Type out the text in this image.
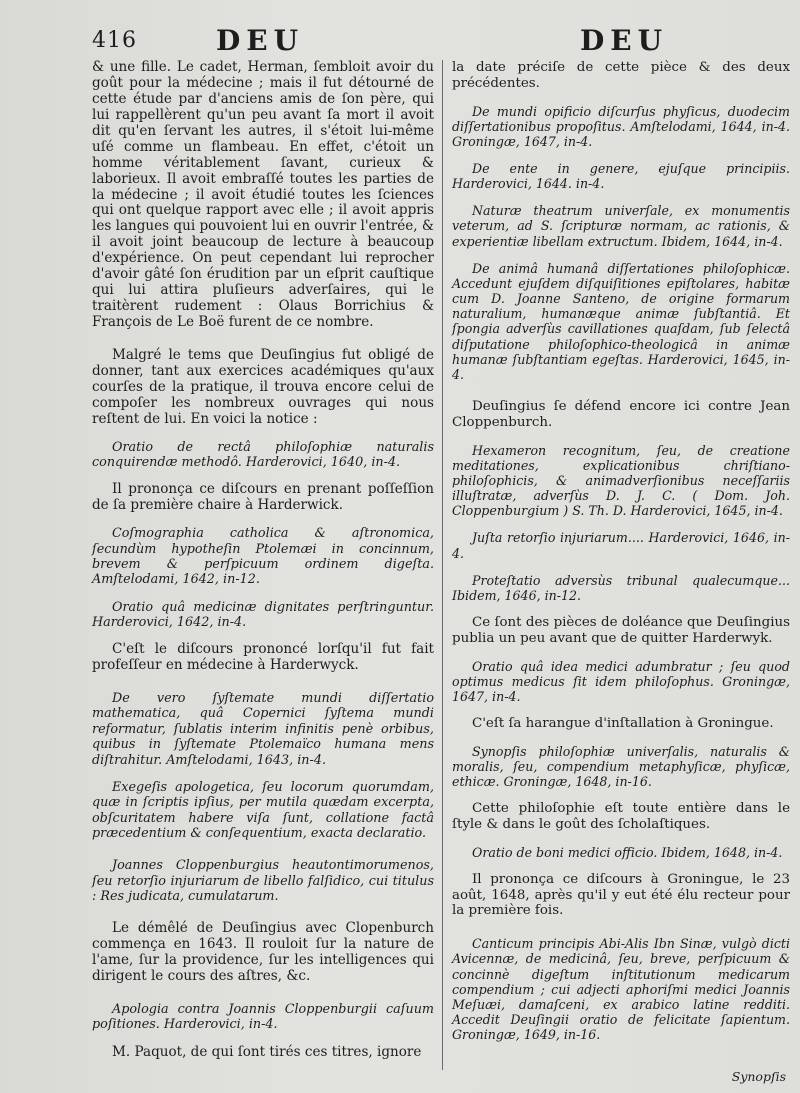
416	DEU	DEU

& une fille. Le cadet, Herman, ſembloit avoir du goût pour la médecine ; mais il fut détourné de cette étude par d'anciens amis de ſon père, qui lui rappellèrent qu'un peu avant ſa mort il avoit dit qu'en ſervant les autres, il s'étoit lui-même uſé comme un flambeau. En effet, c'étoit un homme véritablement ſavant, curieux & laborieux. Il avoit embraſſé toutes les parties de la médecine ; il avoit étudié toutes les ſciences qui ont quelque rapport avec elle ; il avoit appris les langues qui pouvoient lui en ouvrir l'entrée, & il avoit joint beaucoup de lecture à beaucoup d'expérience. On peut cependant lui reprocher d'avoir gâté ſon érudition par un eſprit cauſtique qui lui attira pluſieurs adverſaires, qui le traitèrent rudement : Olaus Borrichius & François de Le Boë furent de ce nombre.

Malgré le tems que Deuſingius fut obligé de donner, tant aux exercices académiques qu'aux courſes de la pratique, il trouva encore celui de compoſer les nombreux ouvrages qui nous reſtent de lui. En voici la notice :

Oratio de rectâ philoſophiæ naturalis conquirendæ methodô. Harderovici, 1640, in-4.

Il prononça ce diſcours en prenant poſſeſſion de ſa première chaire à Harderwick.

Coſmographia catholica & aſtronomica, ſecundùm hypotheſin Ptolemæi in concinnum, brevem & perſpicuum ordinem digeſta. Amſtelodami, 1642, in-12.

Oratio quâ medicinæ dignitates perſtringuntur. Harderovici, 1642, in-4.

C'eſt le diſcours prononcé lorſqu'il fut fait profeſſeur en médecine à Harderwyck.

De vero ſyſtemate mundi diſſertatio mathematica, quâ Copernici ſyſtema mundi reformatur, ſublatis interim infinitis penè orbibus, quibus in ſyſtemate Ptolemaïco humana mens diſtrahitur. Amſtelodami, 1643, in-4.

Exegeſis apologetica, ſeu locorum quorumdam, quæ in ſcriptis ipſius, per mutila quædam excerpta, obſcuritatem habere viſa ſunt, collatione factâ præcedentium & conſequentium, exacta declaratio.

Joannes Cloppenburgius heautontimorumenos, ſeu retorſio injuriarum de libello falſidico, cui titulus : Res judicata, cumulatarum.

Le démêlé de Deuſingius avec Clopenburch commença en 1643. Il rouloit ſur la nature de l'ame, ſur la providence, ſur les intelligences qui dirigent le cours des aſtres, &c.

Apologia contra Joannis Cloppenburgii caſuum poſitiones. Harderovici, in-4.

M. Paquot, de qui ſont tirés ces titres, ignore

la date préciſe de cette pièce & des deux précédentes.

De mundi opificio diſcurſus phyſicus, duodecim diſſertationibus propoſitus. Amſtelodami, 1644, in-4. Groningæ, 1647, in-4.

De ente in genere, ejuſque principiis. Harderovici, 1644. in-4.

Naturæ theatrum univerſale, ex monumentis veterum, ad S. ſcripturæ normam, ac rationis, & experientiæ libellam extructum. Ibidem, 1644, in-4.

De animâ humanâ diſſertationes philoſophicæ. Accedunt ejuſdem diſquiſitiones epiſtolares, habitæ cum D. Joanne Santeno, de origine formarum naturalium, humanæque animæ ſubſtantiâ. Et ſpongia adverſùs cavillationes quaſdam, ſub ſelectâ diſputatione philoſophico-theologicâ in animæ humanæ ſubſtantiam egeſtas. Harderovici, 1645, in-4.

Deuſingius ſe défend encore ici contre Jean Cloppenburch.

Hexameron recognitum, ſeu, de creatione meditationes, explicationibus chriſtiano-philoſophicis, & animadverſionibus neceſſariis illuſtratæ, adverſùs D. J. C. ( Dom. Joh. Cloppenburgium ) S. Th. D. Harderovici, 1645, in-4.

Juſta retorſio injuriarum.... Harderovici, 1646, in-4.

Proteſtatio adversùs tribunal qualecumque... Ibidem, 1646, in-12.

Ce ſont des pièces de doléance que Deuſingius publia un peu avant que de quitter Harderwyk.

Oratio quâ idea medici adumbratur ; ſeu quod optimus medicus ſit idem philoſophus. Groningæ, 1647, in-4.

C'eſt ſa harangue d'inſtallation à Groningue.

Synopſis philoſophiæ univerſalis, naturalis & moralis, ſeu, compendium metaphyſicæ, phyſicæ, ethicæ. Groningæ, 1648, in-16.

Cette philoſophie eſt toute entière dans le ſtyle & dans le goût des ſcholaſtiques.

Oratio de boni medici officio. Ibidem, 1648, in-4.

Il prononça ce diſcours à Groningue, le 23 août, 1648, après qu'il y eut été élu recteur pour la première fois.

Canticum principis Abi-Alis Ibn Sinæ, vulgò dicti Avicennæ, de medicinâ, ſeu, breve, perſpicuum & concinnè digeſtum inſtitutionum medicarum compendium ; cui adjecti aphoriſmi medici Joannis Meſuæi, damaſceni, ex arabico latine redditi. Accedit Deuſingii oratio de felicitate ſapientum. Groningæ, 1649, in-16.

Synopſis
